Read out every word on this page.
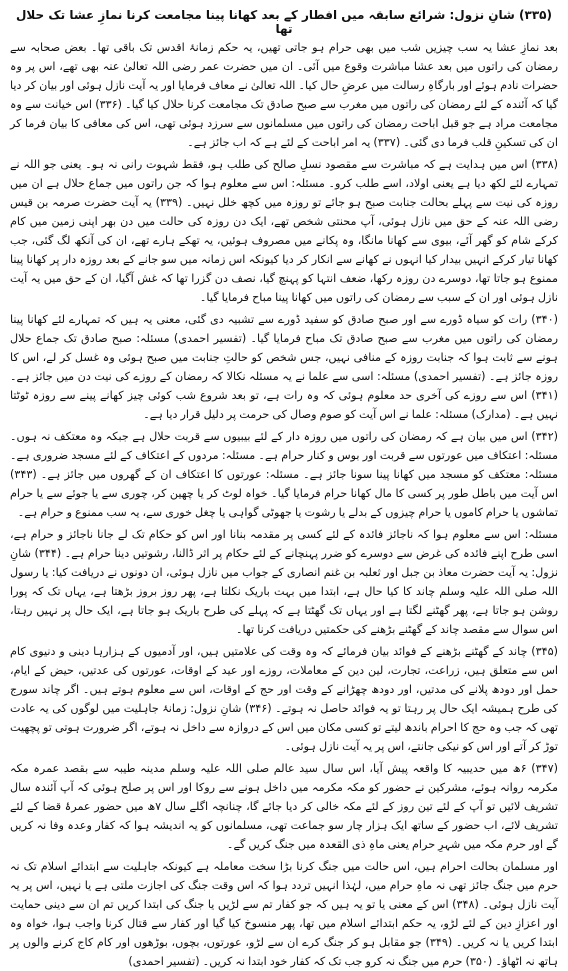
(۳۳۵) شانِ نزول: شرائع سابقہ میں افطار کے بعد کھانا پینا مجامعت کرنا نمازِ عشا تک حلال تھا

بعد نمازِ عشا یہ سب چیزیں شب میں بھی حرام ہو جاتی تھیں، یہ حکم زمانۂ اقدس تک باقی تھا۔ بعض صحابہ سے رمضان کی راتوں میں بعد عشا مباشرت وقوع میں آئی۔ ان میں حضرت عمر رضی اللہ تعالیٰ عنہ بھی تھے، اس پر وہ حضرات نادم ہوئے اور بارگاہِ رسالت میں عرضِ حال کیا۔ اللہ تعالیٰ نے معاف فرمایا اور یہ آیت نازل ہوئی اور بیان کر دیا گیا کہ آئندہ کے لئے رمضان کی راتوں میں مغرب سے صبح صادق تک مجامعت کرنا حلال کیا گیا۔ (۳۳۶) اس خیانت سے وہ مجامعت مراد ہے جو قبل اباحت رمضان کی راتوں میں مسلمانوں سے سرزد ہوئی تھی، اس کی معافی کا بیان فرما کر ان کی تسکینِ قلب فرما دی گئی۔ (۳۳۷) یہ امر اباحت کے لئے ہے کہ اب جائز ہے۔

(۳۳۸) اس میں ہدایت ہے کہ مباشرت سے مقصود نسلِ صالح کی طلب ہو، فقط شہوت رانی نہ ہو۔ یعنی جو اللہ نے تمہارے لئے لکھ دیا ہے یعنی اولاد، اسے طلب کرو۔ مسئلہ: اس سے معلوم ہوا کہ جن راتوں میں جماع حلال ہے ان میں روزہ کی نیت سے پہلے بحالت جنابت صبح ہو جائے تو روزہ میں کچھ خلل نہیں۔ (۳۳۹) یہ آیت حضرت صرمہ بن قیس رضی اللہ عنہ کے حق میں نازل ہوئی، آپ محنتی شخص تھے، ایک دن روزہ کی حالت میں دن بھر اپنی زمین میں کام کرکے شام کو گھر آئے، بیوی سے کھانا مانگا، وہ پکانے میں مصروف ہوئیں، یہ تھکے ہارے تھے، ان کی آنکھ لگ گئی، جب کھانا تیار کرکے انہیں بیدار کیا انہوں نے کھانے سے انکار کر دیا کیونکہ اس زمانہ میں سو جانے کے بعد روزہ دار پر کھانا پینا ممنوع ہو جاتا تھا، دوسرے دن روزہ رکھا، ضعف انتہا کو پہنچ گیا، نصف دن گزرا تھا کہ غش آگیا، ان کے حق میں یہ آیت نازل ہوئی اور ان کے سبب سے رمضان کی راتوں میں کھانا پینا مباح فرمایا گیا۔

(۳۴۰) رات کو سیاہ ڈورے سے اور صبح صادق کو سفید ڈورے سے تشبیہ دی گئی، معنی یہ ہیں کہ تمہارے لئے کھانا پینا رمضان کی راتوں میں مغرب سے صبح صادق تک مباح فرمایا گیا۔ (تفسیر احمدی) مسئلہ: صبح صادق تک جماع حلال ہونے سے ثابت ہوا کہ جنابت روزہ کے منافی نہیں، جس شخص کو حالتِ جنابت میں صبح ہوئی وہ غسل کر لے، اس کا روزہ جائز ہے۔ (تفسیر احمدی) مسئلہ: اسی سے علما نے یہ مسئلہ نکالا کہ رمضان کے روزے کی نیت دن میں جائز ہے۔ (۳۴۱) اس سے روزے کی آخری حد معلوم ہوئی کہ وہ رات ہے، تو بعد شروع شب کوئی چیز کھانے پینے سے روزہ ٹوٹتا نہیں ہے۔ (مدارک) مسئلہ: علما نے اس آیت کو صوم وصال کی حرمت پر دلیل قرار دیا ہے۔

(۳۴۲) اس میں بیان ہے کہ رمضان کی راتوں میں روزہ دار کے لئے بیبیوں سے قربت حلال ہے جبکہ وہ معتکف نہ ہوں۔ مسئلہ: اعتکاف میں عورتوں سے قربت اور بوس و کنار حرام ہے۔ مسئلہ: مردوں کے اعتکاف کے لئے مسجد ضروری ہے۔ مسئلہ: معتکف کو مسجد میں کھانا پینا سونا جائز ہے۔ مسئلہ: عورتوں کا اعتکاف ان کے گھروں میں جائز ہے۔ (۳۴۳) اس آیت میں باطل طور پر کسی کا مال کھانا حرام فرمایا گیا۔ خواہ لوٹ کر یا چھین کر، چوری سے یا جوئے سے یا حرام تماشوں یا حرام کاموں یا حرام چیزوں کے بدلے یا رشوت یا جھوٹی گواہی یا چغل خوری سے، یہ سب ممنوع و حرام ہے۔

مسئلہ: اس سے معلوم ہوا کہ ناجائز فائدہ کے لئے کسی پر مقدمہ بنانا اور اس کو حکام تک لے جانا ناجائز و حرام ہے، اسی طرح اپنے فائدہ کی غرض سے دوسرے کو ضرر پہنچانے کے لئے حکام پر اثر ڈالنا، رشوتیں دینا حرام ہے۔ (۳۴۴) شانِ نزول: یہ آیت حضرت معاذ بن جبل اور ثعلبہ بن غنم انصاری کے جواب میں نازل ہوئی، ان دونوں نے دریافت کیا: یا رسول اللہ صلی اللہ علیہ وسلم چاند کا کیا حال ہے، ابتدا میں بہت باریک نکلتا ہے، پھر روز بروز بڑھتا ہے، یہاں تک کہ پورا روشن ہو جاتا ہے، پھر گھٹنے لگتا ہے اور یہاں تک گھٹتا ہے کہ پہلے کی طرح باریک ہو جاتا ہے، ایک حال پر نہیں رہتا، اس سوال سے مقصد چاند کے گھٹنے بڑھنے کی حکمتیں دریافت کرنا تھا۔

(۳۴۵) چاند کے گھٹنے بڑھنے کے فوائد بیان فرمائے کہ وہ وقت کی علامتیں ہیں، اور آدمیوں کے ہزارہا دینی و دنیوی کام اس سے متعلق ہیں، زراعت، تجارت، لین دین کے معاملات، روزے اور عید کے اوقات، عورتوں کی عدتیں، حیض کے ایام، حمل اور دودھ پلانے کی مدتیں، اور دودھ چھڑانے کے وقت اور حج کے اوقات، اس سے معلوم ہوتے ہیں۔ اگر چاند سورج کی طرح ہمیشہ ایک حال پر رہتا تو یہ فوائد حاصل نہ ہوتے۔ (۳۴۶) شانِ نزول: زمانۂ جاہلیت میں لوگوں کی یہ عادت تھی کہ جب وہ حج کا احرام باندھ لیتے تو کسی مکان میں اس کے دروازہ سے داخل نہ ہوتے، اگر ضرورت ہوتی تو پچھیت توڑ کر آتے اور اس کو نیکی جانتے، اس پر یہ آیت نازل ہوئی۔

(۳۴۷) ۶ھ میں حدیبیہ کا واقعہ پیش آیا، اس سال سید عالم صلی اللہ علیہ وسلم مدینہ طیبہ سے بقصد عمرہ مکہ مکرمہ روانہ ہوئے، مشرکین نے حضور کو مکہ مکرمہ میں داخل ہونے سے روکا اور اس پر صلح ہوئی کہ آپ آئندہ سال تشریف لائیں تو آپ کے لئے تین روز کے لئے مکہ خالی کر دیا جائے گا، چنانچہ اگلے سال ۷ھ میں حضور عمرۂ قضا کے لئے تشریف لائے، اب حضور کے ساتھ ایک ہزار چار سو جماعت تھی، مسلمانوں کو یہ اندیشہ ہوا کہ کفار وعدہ وفا نہ کریں گے اور حرم مکہ میں شہرِ حرام یعنی ماہِ ذی القعدہ میں جنگ کریں گے۔

اور مسلمان بحالت احرام ہیں، اس حالت میں جنگ کرنا بڑا سخت معاملہ ہے کیونکہ جاہلیت سے ابتدائے اسلام تک نہ حرم میں جنگ جائز تھی نہ ماہِ حرام میں، لہٰذا انہیں تردد ہوا کہ اس وقت جنگ کی اجازت ملتی ہے یا نہیں، اس پر یہ آیت نازل ہوئی۔ (۳۴۸) اس کے معنی یا تو یہ ہیں کہ جو کفار تم سے لڑیں یا جنگ کی ابتدا کریں تم ان سے دینی حمایت اور اعزازِ دین کے لئے لڑو، یہ حکم ابتدائے اسلام میں تھا، پھر منسوخ کیا گیا اور کفار سے قتال کرنا واجب ہوا، خواہ وہ ابتدا کریں یا نہ کریں۔ (۳۴۹) جو مقابل ہو کر جنگ کرے ان سے لڑو، عورتوں، بچوں، بوڑھوں اور کام کاج کرنے والوں پر ہاتھ نہ اٹھاؤ۔ (۳۵۰) حرم میں جنگ نہ کرو جب تک کہ کفار خود ابتدا نہ کریں۔ (تفسیر احمدی)
